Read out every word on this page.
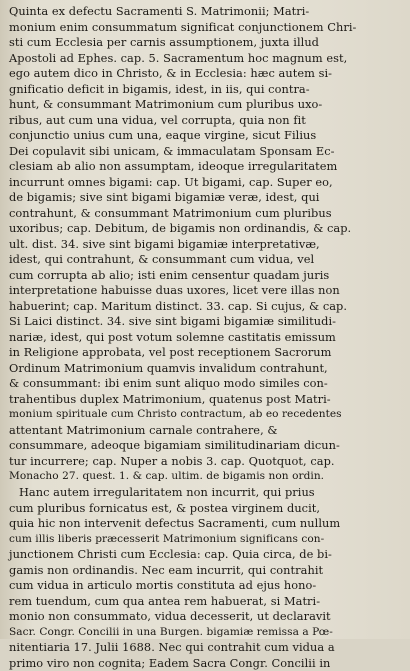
Quinta ex defectu Sacramenti S. Matrimonii; Matri-
monium enim consummatum significat conjunctionem Chri-
sti cum Ecclesia per carnis assumptionem, juxta illud
Apostoli ad Ephes. cap. 5. Sacramentum hoc magnum est,
ego autem dico in Christo, & in Ecclesia: hæc autem si-
gnificatio deficit in bigamis, idest, in iis, qui contra-
hunt, & consummant Matrimonium cum pluribus uxo-
ribus, aut cum una vidua, vel corrupta, quia non fit
conjunctio unius cum una, eaque virgine, sicut Filius
Dei copulavit sibi unicam, & immaculatam Sponsam Ec-
clesiam ab alio non assumptam, ideoque irregularitatem
incurrunt omnes bigami: cap. Ut bigami, cap. Super eo,
de bigamis; sive sint bigami bigamiæ veræ, idest, qui
contrahunt, & consummant Matrimonium cum pluribus
uxoribus; cap. Debitum, de bigamis non ordinandis, & cap.
ult. dist. 34. sive sint bigami bigamiæ interpretativæ,
idest, qui contrahunt, & consummant cum vidua, vel
cum corrupta ab alio; isti enim censentur quadam juris
interpretatione habuisse duas uxores, licet vere illas non
habuerint; cap. Maritum distinct. 33. cap. Si cujus, & cap.
Si Laici distinct. 34. sive sint bigami bigamiæ similitudi-
nariæ, idest, qui post votum solemne castitatis emissum
in Religione approbata, vel post receptionem Sacrorum
Ordinum Matrimonium quamvis invalidum contrahunt,
& consummant: ibi enim sunt aliquo modo similes con-
trahentibus duplex Matrimonium, quatenus post Matri-
monium spirituale cum Christo contractum, ab eo recedentes
attentant Matrimonium carnale contrahere, &
consummare, adeoque bigamiam similitudinariam dicun-
tur incurrere; cap. Nuper a nobis 3. cap. Quotquot, cap.
Monacho 27. quest. 1. & cap. ultim. de bigamis non ordin.
Hanc autem irregularitatem non incurrit, qui prius
cum pluribus fornicatus est, & postea virginem ducit,
quia hic non intervenit defectus Sacramenti, cum nullum
cum illis liberis præcesserit Matrimonium significans con-
junctionem Christi cum Ecclesia: cap. Quia circa, de bi-
gamis non ordinandis. Nec eam incurrit, qui contrahit
cum vidua in articulo mortis constituta ad ejus hono-
rem tuendum, cum qua antea rem habuerat, si Matri-
monio non consummato, vidua decesserit, ut declaravit
Sacr. Congr. Concilii in una Burgen. bigamiæ remissa a Pœ-
nitentiaria 17. Julii 1688. Nec qui contrahit cum vidua a
primo viro non cognita; Eadem Sacra Congr. Concilii in
